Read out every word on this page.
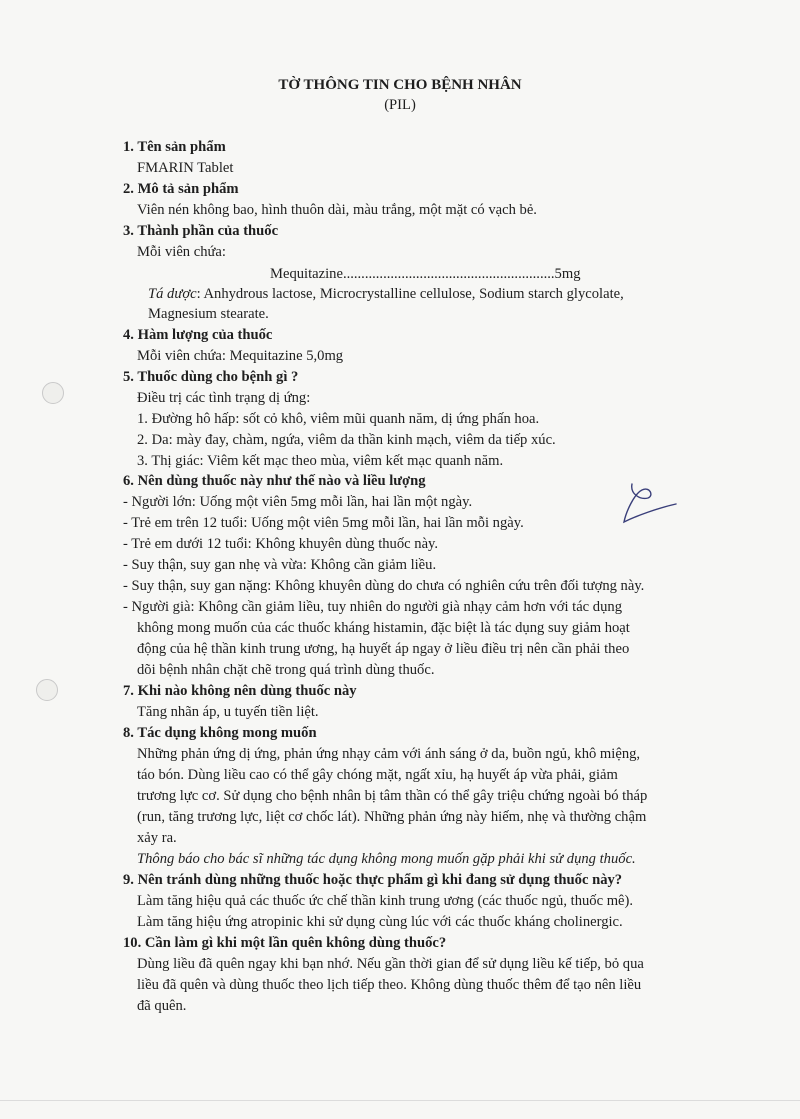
TỜ THÔNG TIN CHO BỆNH NHÂN
(PIL)
1. Tên sản phẩm
FMARIN Tablet
2. Mô tả sản phẩm
Viên nén không bao, hình thuôn dài, màu trắng, một mặt có vạch bẻ.
3. Thành phần của thuốc
Mỗi viên chứa:
Mequitazine..........................................................5mg
Tá dược: Anhydrous lactose, Microcrystalline cellulose, Sodium starch glycolate,
Magnesium stearate.
4. Hàm lượng của thuốc
Mỗi viên chứa: Mequitazine 5,0mg
5. Thuốc dùng cho bệnh gì ?
Điều trị các tình trạng dị ứng:
1. Đường hô hấp: sốt cỏ khô, viêm mũi quanh năm, dị ứng phấn hoa.
2. Da: mày đay, chàm, ngứa, viêm da thần kinh mạch, viêm da tiếp xúc.
3. Thị giác: Viêm kết mạc theo mùa, viêm kết mạc quanh năm.
6. Nên dùng thuốc này như thế nào và liều lượng
- Người lớn: Uống một viên 5mg mỗi lần, hai lần một ngày.
- Trẻ em trên 12 tuổi: Uống một viên 5mg mỗi lần, hai lần mỗi ngày.
- Trẻ em dưới 12 tuổi: Không khuyên dùng thuốc này.
- Suy thận, suy gan nhẹ và vừa: Không cần giảm liều.
- Suy thận, suy gan nặng: Không khuyên dùng do chưa có nghiên cứu trên đối tượng này.
- Người già: Không cần giảm liều, tuy nhiên do người già nhạy cảm hơn với tác dụng
không mong muốn của các thuốc kháng histamin, đặc biệt là tác dụng suy giảm hoạt
động của hệ thần kinh trung ương, hạ huyết áp ngay ở liều điều trị nên cần phải theo
dõi bệnh nhân chặt chẽ trong quá trình dùng thuốc.
7. Khi nào không nên dùng thuốc này
Tăng nhãn áp, u tuyến tiền liệt.
8. Tác dụng không mong muốn
Những phản ứng dị ứng, phản ứng nhạy cảm với ánh sáng ở da, buồn ngủ, khô miệng,
táo bón. Dùng liều cao có thể gây chóng mặt, ngất xỉu, hạ huyết áp vừa phải, giảm
trương lực cơ. Sử dụng cho bệnh nhân bị tâm thần có thể gây triệu chứng ngoài bó tháp
(run, tăng trương lực, liệt cơ chốc lát). Những phản ứng này hiếm, nhẹ và thường chậm
xảy ra.
Thông báo cho bác sĩ những tác dụng không mong muốn gặp phải khi sử dụng thuốc.
9. Nên tránh dùng những thuốc hoặc thực phẩm gì khi đang sử dụng thuốc này?
Làm tăng hiệu quả các thuốc ức chế thần kinh trung ương (các thuốc ngủ, thuốc mê).
Làm tăng hiệu ứng atropinic khi sử dụng cùng lúc với các thuốc kháng cholinergic.
10. Cần làm gì khi một lần quên không dùng thuốc?
Dùng liều đã quên ngay khi bạn nhớ. Nếu gần thời gian để sử dụng liều kế tiếp, bỏ qua
liều đã quên và dùng thuốc theo lịch tiếp theo. Không dùng thuốc thêm để tạo nên liều
đã quên.
